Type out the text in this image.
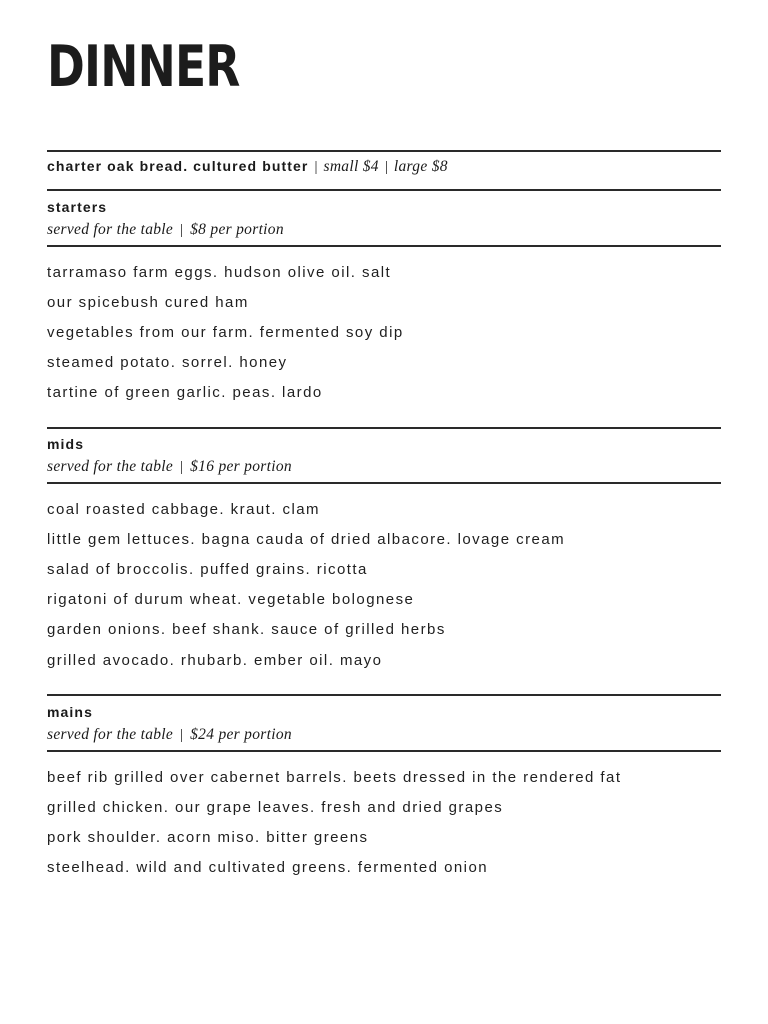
DINNER
charter oak bread. cultured butter | small $4 | large $8
starters
served for the table | $8 per portion
tarramaso farm eggs. hudson olive oil. salt
our spicebush cured ham
vegetables from our farm. fermented soy dip
steamed potato. sorrel. honey
tartine of green garlic. peas. lardo
mids
served for the table | $16 per portion
coal roasted cabbage. kraut. clam
little gem lettuces. bagna cauda of dried albacore. lovage cream
salad of broccolis. puffed grains. ricotta
rigatoni of durum wheat. vegetable bolognese
garden onions. beef shank. sauce of grilled herbs
grilled avocado. rhubarb. ember oil. mayo
mains
served for the table | $24 per portion
beef rib grilled over cabernet barrels. beets dressed in the rendered fat
grilled chicken. our grape leaves. fresh and dried grapes
pork shoulder. acorn miso. bitter greens
steelhead. wild and cultivated greens. fermented onion
